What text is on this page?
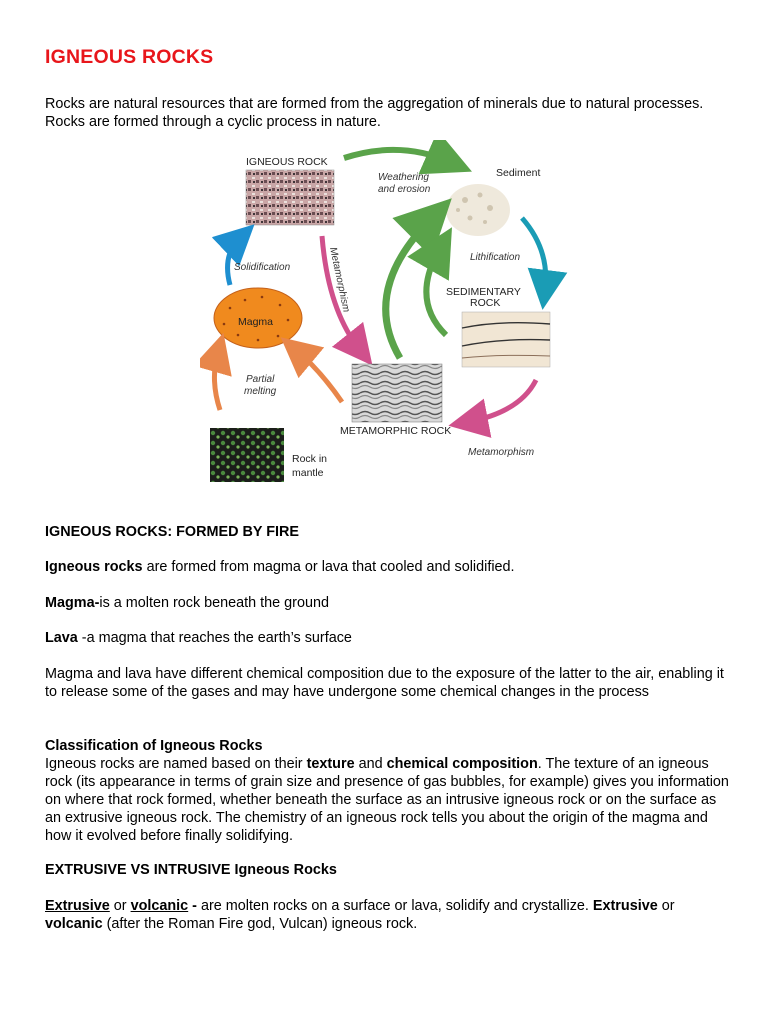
IGNEOUS ROCKS

Rocks are natural resources that are formed from the aggregation of minerals due to natural processes. Rocks are formed through a cyclic process in nature.

IGNEOUS ROCK
Weathering
and erosion
Sediment
Lithification
SEDIMENTARY
ROCK
Metamorphism
Solidification
Magma
Partial
melting
METAMORPHIC ROCK
Metamorphism
Rock in
mantle

IGNEOUS ROCKS: FORMED BY FIRE

Igneous rocks are formed from magma or lava that cooled and solidified.

Magma-is a molten rock beneath the ground

Lava -a magma that reaches the earth’s surface

Magma and lava have different chemical composition due to the exposure of the latter to the air, enabling it to release some of the gases and may have undergone some chemical changes in the process

Classification of Igneous Rocks

Igneous rocks are named based on their texture and chemical composition. The texture of an igneous rock (its appearance in terms of grain size and presence of gas bubbles, for example) gives you information on where that rock formed, whether beneath the surface as an intrusive igneous rock or on the surface as an extrusive igneous rock. The chemistry of an igneous rock tells you about the origin of the magma and how it evolved before finally solidifying.

EXTRUSIVE VS INTRUSIVE Igneous Rocks

Extrusive or volcanic - are molten rocks on a surface or lava, solidify and crystallize. Extrusive or volcanic (after the Roman Fire god, Vulcan) igneous rock.
